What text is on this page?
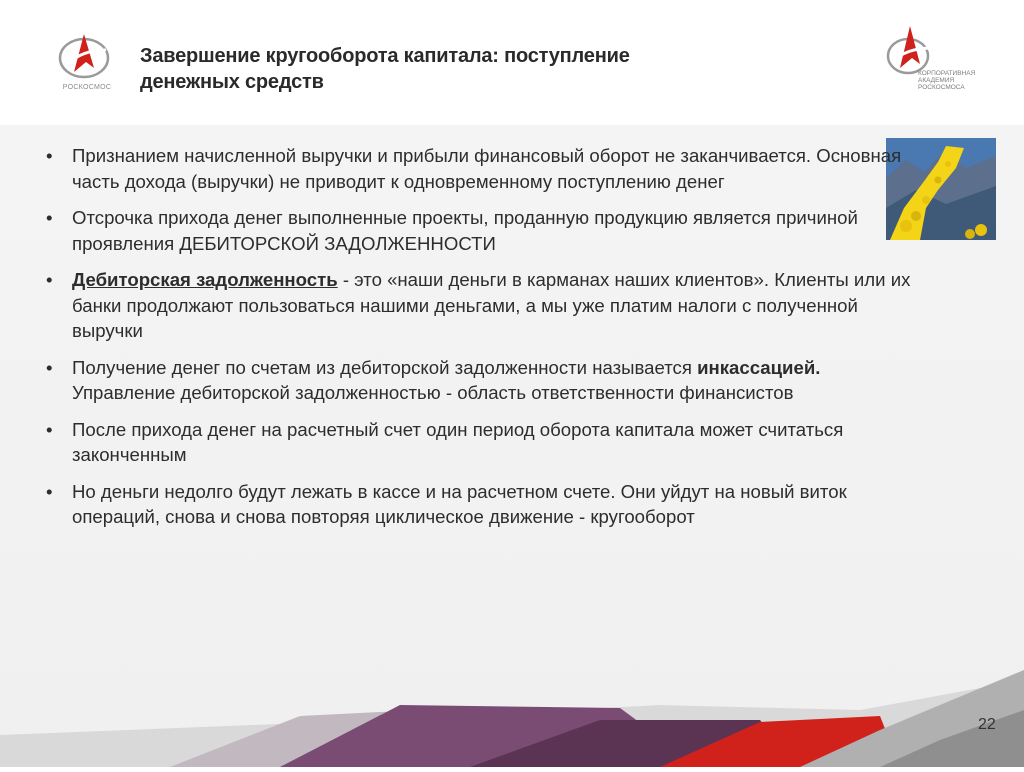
РОСКОСМОС
Завершение кругооборота капитала: поступление
денежных средств	КОРПОРАТИВНАЯ
АКАДЕМИЯ
РОСКОСМОСА
• Признанием начисленной выручки и прибыли финансовый оборот не заканчивается. Основная часть дохода (выручки) не приводит к одновременному поступлению денег
• Отсрочка прихода денег выполненные проекты, проданную продукцию является причиной проявления ДЕБИТОРСКОЙ ЗАДОЛЖЕННОСТИ
• Дебиторская задолженность - это «наши деньги в карманах наших клиентов». Клиенты или их банки продолжают пользоваться нашими деньгами, а мы уже платим налоги с полученной выручки
• Получение денег по счетам из дебиторской задолженности называется инкассацией.  Управление дебиторской задолженностью - область ответственности финансистов
• После прихода денег на расчетный счет один период оборота капитала может считаться законченным
• Но деньги недолго будут лежать в кассе и на расчетном счете. Они уйдут на новый виток операций, снова и снова повторяя циклическое движение - кругооборот
22
